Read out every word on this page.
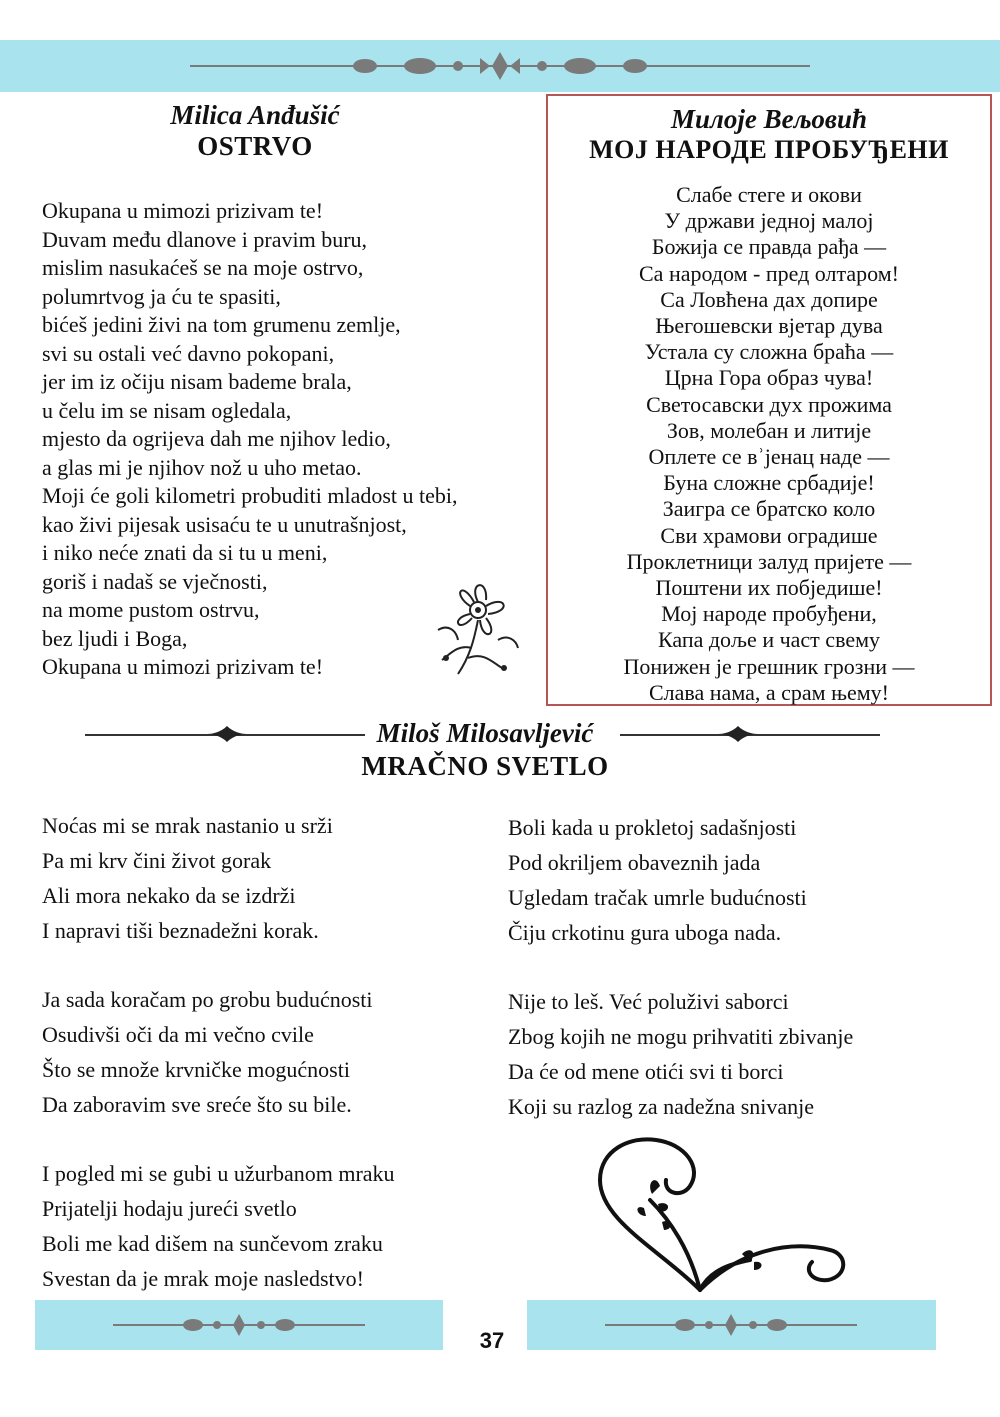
Milica Anđušić
OSTRVO
Okupana u mimozi prizivam te!
Duvam među dlanove i pravim buru,
mislim nasukaćeš se na moje ostrvo,
polumrtvog ja ću te spasiti,
bićeš jedini živi na tom grumenu zemlje,
svi su ostali već davno pokopani,
jer im iz očiju nisam bademe brala,
u čelu im se nisam ogledala,
mjesto da ogrijeva dah me njihov ledio,
a glas mi je njihov nož u uho metao.
Moji će goli kilometri probuditi mladost u tebi,
kao živi pijesak usisaću te u unutrašnjost,
i niko neće znati da si tu u meni,
goriš i nadaš se vječnosti,
na mome pustom ostrvu,
bez ljudi i Boga,
Okupana u mimozi prizivam te!
Милоје Вељовић
МОЈ НАРОДЕ ПРОБУЂЕНИ
Слабе стеге и окови
У држави једној малој
Божија се правда рађа —
Са народом - пред олтаром!
Са Ловћена дах допире
Његошевски вјетар дува
Устала су сложна браћа —
Црна Гора образ чува!
Светосавски дух прожима
Зов, молебан и литије
Оплете се вʾјенац наде —
Буна сложне србадије!
Заигра се братско коло
Сви храмови оградише
Проклетници залуд пријете —
Поштени их побједише!
Мој народе пробуђени,
Капа доље и част свему
Понижен је грешник грозни —
Слава нама, а срам њему!
Miloš Milosavljević
MRAČNO SVETLO
Noćas mi se mrak nastanio u srži
Pa mi krv čini život gorak
Ali mora nekako da se izdrži
I napravi tiši beznadežni korak.
Ja sada koračam po grobu budućnosti
Osudivši oči da mi večno cvile
Što se množe krvničke mogućnosti
Da zaboravim sve sreće što su bile.
I pogled mi se gubi u užurbanom mraku
Prijatelji hodaju jureći svetlo
Boli me kad dišem na sunčevom zraku
Svestan da je mrak moje nasledstvo!
Boli kada u prokletoj sadašnjosti
Pod okriljem obaveznih jada
Ugledam tračak umrle budućnosti
Čiju crkotinu gura uboga nada.
Nije to leš. Već poluživi saborci
Zbog kojih ne mogu prihvatiti zbivanje
Da će od mene otići svi ti borci
Koji su razlog za nadežna snivanje
37
